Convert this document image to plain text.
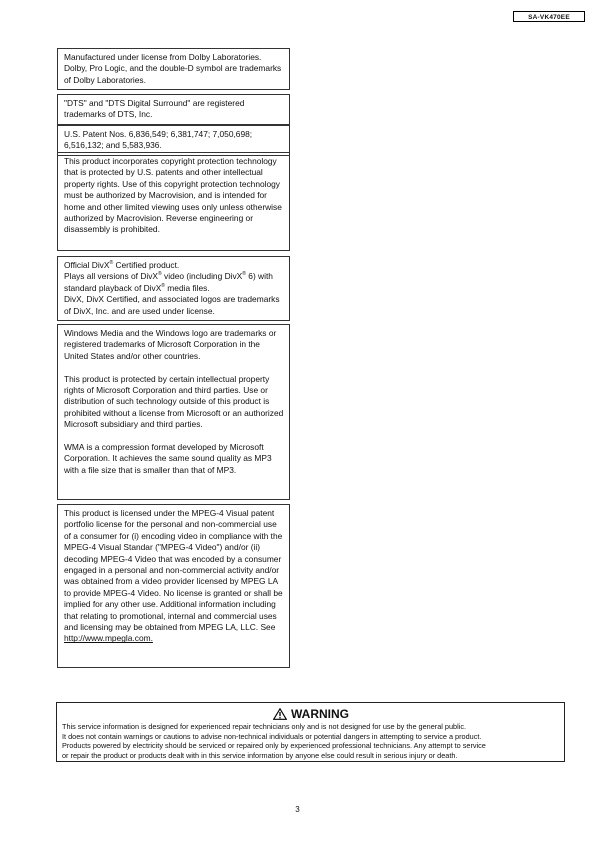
SA-VK470EE

Manufactured under license from Dolby Laboratories. Dolby, Pro Logic, and the double-D symbol are trademarks of Dolby Laboratories.

"DTS" and "DTS Digital Surround" are registered trademarks of DTS, Inc.

U.S. Patent Nos. 6,836,549; 6,381,747; 7,050,698; 6,516,132; and 5,583,936.

This product incorporates copyright protection technology that is protected by U.S. patents and other intellectual property rights. Use of this copyright protection technology must be authorized by Macrovision, and is intended for home and other limited viewing uses only unless otherwise authorized by Macrovision. Reverse engineering or disassembly is prohibited.

Official DivX® Certified product.
Plays all versions of DivX® video (including DivX® 6) with standard playback of DivX® media files.
DivX, DivX Certified, and associated logos are trademarks of DivX, Inc. and are used under license.

Windows Media and the Windows logo are trademarks or registered trademarks of Microsoft Corporation in the United States and/or other countries.

This product is protected by certain intellectual property rights of Microsoft Corporation and third parties. Use or distribution of such technology outside of this product is prohibited without a license from Microsoft or an authorized Microsoft subsidiary and third parties.

WMA is a compression format developed by Microsoft Corporation. It achieves the same sound quality as MP3 with a file size that is smaller than that of MP3.

This product is licensed under the MPEG-4 Visual patent portfolio license for the personal and non-commercial use of a consumer for (i) encoding video in compliance with the MPEG-4 Visual Standar ("MPEG-4 Video") and/or (ii) decoding MPEG-4 Video that was encoded by a consumer engaged in a personal and non-commercial activity and/or was obtained from a video provider licensed by MPEG LA to provide MPEG-4 Video. No license is granted or shall be implied for any other use. Additional information including that relating to promotional, internal and commercial uses and licensing may be obtained from MPEG LA, LLC. See
http://www.mpegla.com.

WARNING

This service information is designed for experienced repair technicians only and is not designed for use by the general public.
It does not contain warnings or cautions to advise non-technical individuals or potential dangers in attempting to service a product.
Products powered by electricity should be serviced or repaired only by experienced professional technicians. Any attempt to service
or repair the product or products dealt with in this service information by anyone else could result in serious injury or death.

3
